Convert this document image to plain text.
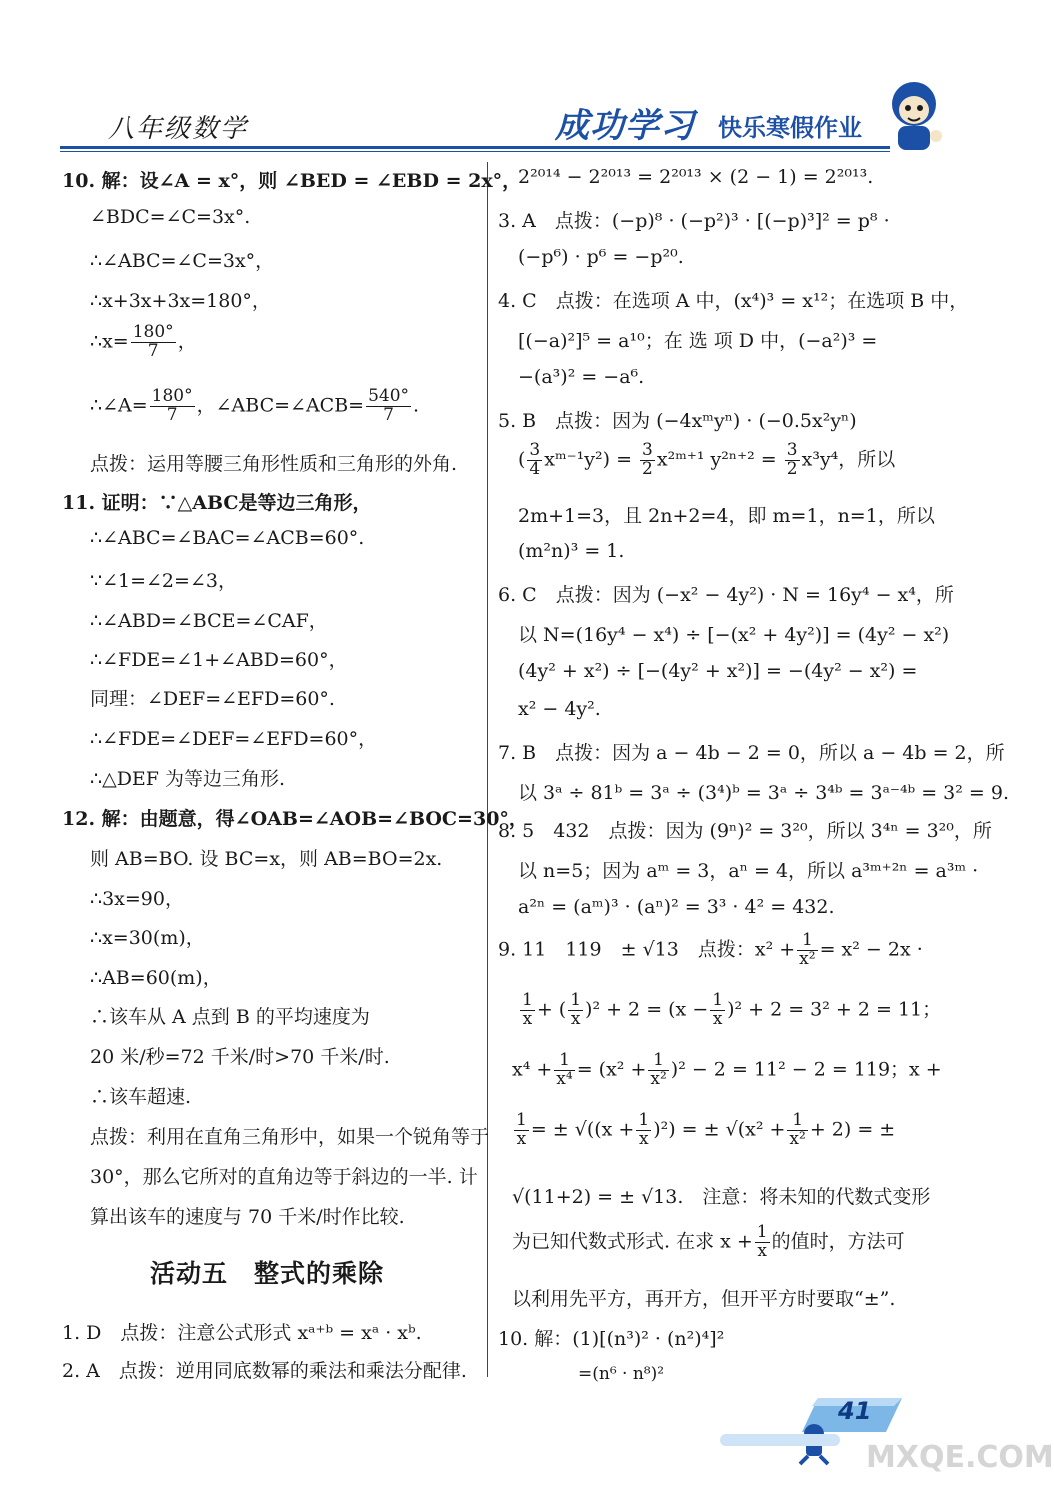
八年级数学	成功学习 快乐寒假作业
10. 解：设∠A = x°，则 ∠BED = ∠EBD = 2x°，
∠BDC=∠C=3x°.
∴∠ABC=∠C=3x°，
∴x+3x+3x=180°，
∴x= $\frac{180^\circ}{7}$ ，
∴∠A= $\frac{180^\circ}{7}$ ，∠ABC=∠ACB= $\frac{540^\circ}{7}$ .
点拨：运用等腰三角形性质和三角形的外角.
11. 证明：∵△ABC是等边三角形，
∴∠ABC=∠BAC=∠ACB=60°.
∵∠1=∠2=∠3，
∴∠ABD=∠BCE=∠CAF，
∴∠FDE=∠1+∠ABD=60°，
同理：∠DEF=∠EFD=60°.
∴∠FDE=∠DEF=∠EFD=60°，
∴△DEF 为等边三角形.
12. 解：由题意，得∠OAB=∠AOB=∠BOC=30°，
则 AB=BO. 设 BC=x，则 AB=BO=2x.
∴3x=90，
∴x=30(m)，
∴AB=60(m)，
∴该车从 A 点到 B 的平均速度为
20 米/秒=72 千米/时>70 千米/时.
∴该车超速.
点拨：利用在直角三角形中，如果一个锐角等于
30°，那么它所对的直角边等于斜边的一半. 计
算出该车的速度与 70 千米/时作比较.
活动五　整式的乘除
1. D　点拨：注意公式形式 xᵃ⁺ᵇ = xᵃ · xᵇ.
2. A　点拨：逆用同底数幂的乘法和乘法分配律.
2²⁰¹⁴ − 2²⁰¹³ = 2²⁰¹³ × (2 − 1) = 2²⁰¹³.
3. A　点拨：(−p)⁸ · (−p²)³ · [(−p)³]² = p⁸ ·
(−p⁶) · p⁶ = −p²⁰.
4. C　点拨：在选项 A 中，(x⁴)³ = x¹²；在选项 B 中，
[(−a)²]⁵ = a¹⁰；在 选 项 D 中，(−a²)³ =
−(a³)² = −a⁶.
5. B　点拨：因为 (−4xᵐyⁿ) · (−0.5x²yⁿ)
( $\frac{3}{4}$ xᵐ⁻¹y²) = $\frac{3}{2}$ x²ᵐ⁺¹ $y^{2n+2} = \frac{3}{2} x^3y^4$，所以
2m+1=3，且 2n+2=4，即 m=1，n=1，所以
(m²n)³ = 1.
6. C　点拨：因为 (−x² − 4y²) · N = 16y⁴ − x⁴，所
以 N=(16y⁴ − x⁴) ÷ [−(x² + 4y²)] = (4y² − x²)
(4y² + x²) ÷ [−(4y² + x²)] = −(4y² − x²) =
x² − 4y².
7. B　点拨：因为 a − 4b − 2 = 0，所以 a − 4b = 2，所
以 3ᵃ ÷ 81ᵇ = 3ᵃ ÷ (3⁴)ᵇ = 3ᵃ ÷ 3⁴ᵇ = 3ᵃ⁻⁴ᵇ = 3² = 9.
8. 5　432　点拨：因为 (9ⁿ)² = 3²⁰，所以 3⁴ⁿ = 3²⁰，所
以 n=5；因为 aᵐ = 3，aⁿ = 4，所以 a³ᵐ⁺²ⁿ = a³ᵐ ·
a²ⁿ = (aᵐ)³ · (aⁿ)² = 3³ · 4² = 432.
9. 11　119　± √13　点拨：$x^2 + \frac{1}{\text{x²}} = x^2 - 2x$ ·
$\frac{1}{x}$ + ( $\frac{1}{x} )^2 + 2 = (x - \frac{1}{x} )^2 + 2 = 3^2 + 2 = 11$；
$x^4 + \frac{1}{\text{x⁴}} = (x^2 + \frac{1}{\text{x²}} )^2 - 2 = 11^2 - 2 = 119$；x +
$\frac{1}{x}$ = ± $√((x + \frac{1}{x} )^2)$ = ± $√(x^2 + \frac{1}{\text{x²}} + 2)$ = ±
√(11+2) = ± √13.　注意：将未知的代数式变形
为已知代数式形式. 在求 $x + \frac{1}{x}$ 的值时，方法可
以利用先平方，再开方，但开平方时要取“±”.
10. 解：(1)[(n³)² · (n²)⁴]²
=(n⁶ · n⁸)²
41
MXQE.COM
